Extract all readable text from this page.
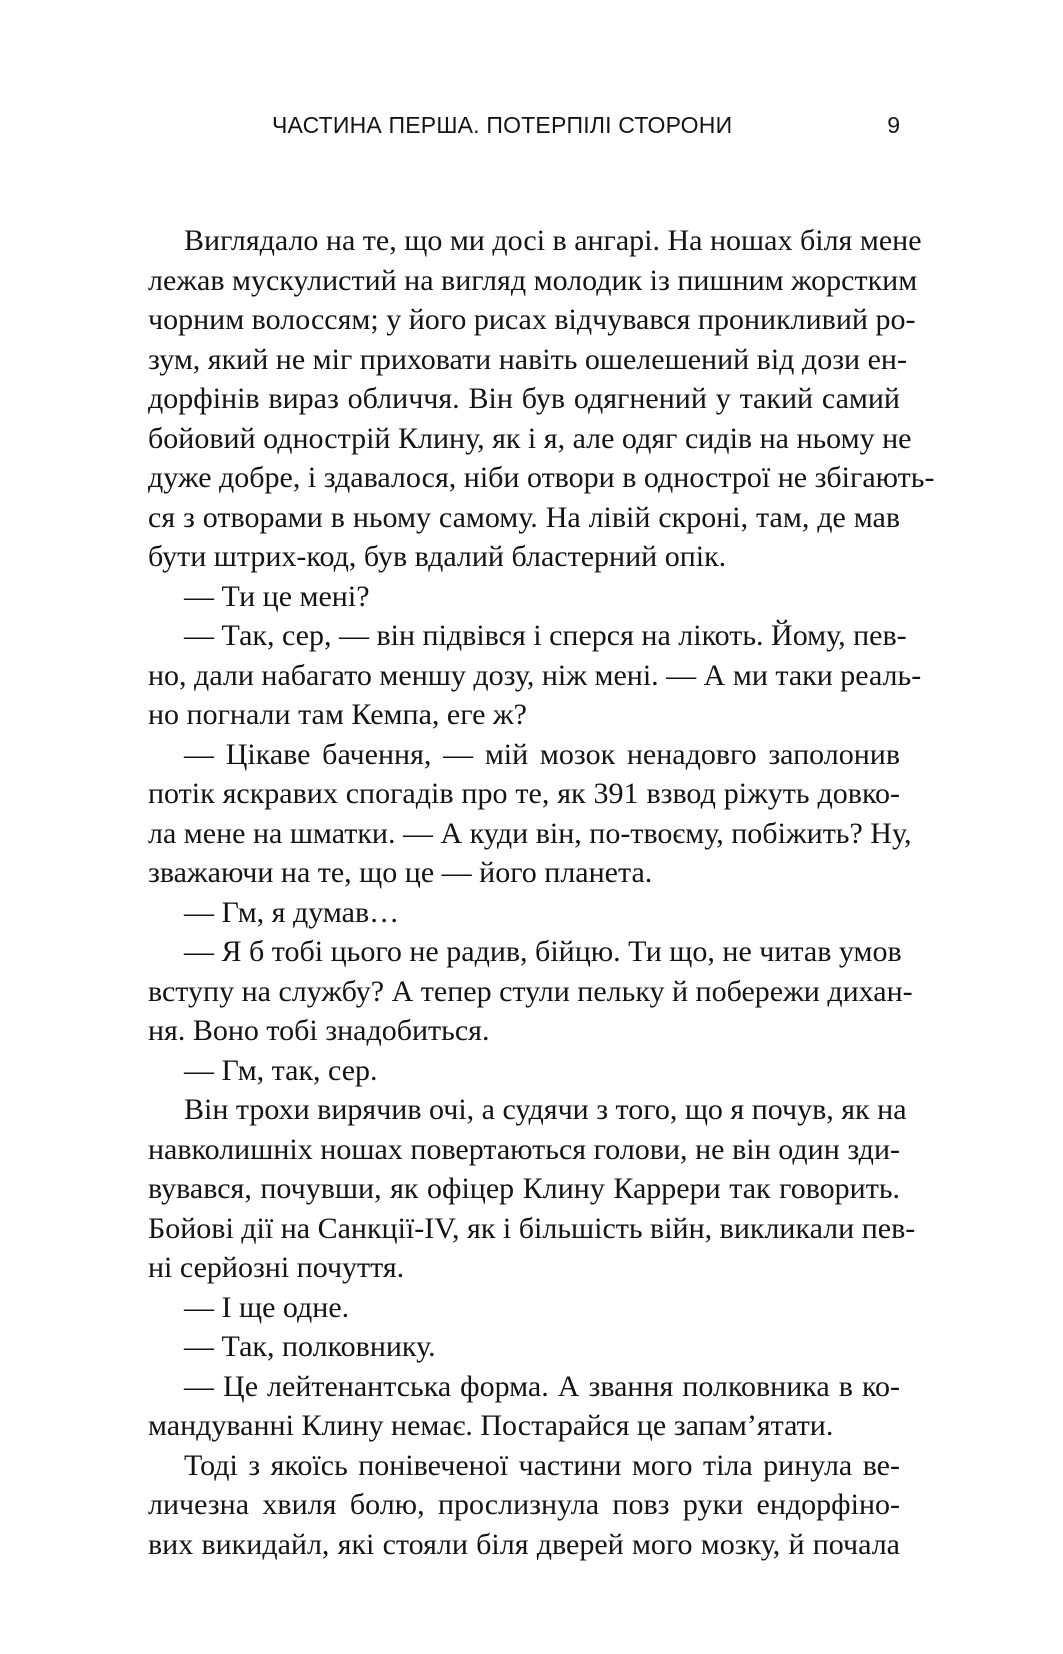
ЧАСТИНА ПЕРША. ПОТЕРПІЛІ СТОРОНИ	9
Виглядало на те, що ми досі в ангарі. На ношах біля мене
лежав мускулистий на вигляд молодик із пишним жорстким
чорним волоссям; у його рисах відчувався проникливий ро-
зум, який не міг приховати навіть ошелешений від дози ен-
дорфінів вираз обличчя. Він був одягнений у такий самий
бойовий однострій Клину, як і я, але одяг сидів на ньому не
дуже добре, і здавалося, ніби отвори в однострої не збігають-
ся з отворами в ньому самому. На лівій скроні, там, де мав
бути штрих-код, був вдалий бластерний опік.
— Ти це мені?
— Так, сер, — він підвівся і сперся на лікоть. Йому, пев-
но, дали набагато меншу дозу, ніж мені. — А ми таки реаль-
но погнали там Кемпа, еге ж?
— Цікаве бачення, — мій мозок ненадовго заполонив
потік яскравих спогадів про те, як 391 взвод ріжуть довко-
ла мене на шматки. — А куди він, по-твоєму, побіжить? Ну,
зважаючи на те, що це — його планета.
— Гм, я думав…
— Я б тобі цього не радив, бійцю. Ти що, не читав умов
вступу на службу? А тепер стули пельку й побережи дихан-
ня. Воно тобі знадобиться.
— Гм, так, сер.
Він трохи вирячив очі, а судячи з того, що я почув, як на
навколишніх ношах повертаються голови, не він один зди-
вувався, почувши, як офіцер Клину Каррери так говорить.
Бойові дії на Санкції-IV, як і більшість війн, викликали пев-
ні серйозні почуття.
— І ще одне.
— Так, полковнику.
— Це лейтенантська форма. А звання полковника в ко-
мандуванні Клину немає. Постарайся це запам’ятати.
Тоді з якоїсь понівеченої частини мого тіла ринула ве-
личезна хвиля болю, прослизнула повз руки ендорфіно-
вих викидайл, які стояли біля дверей мого мозку, й почала
